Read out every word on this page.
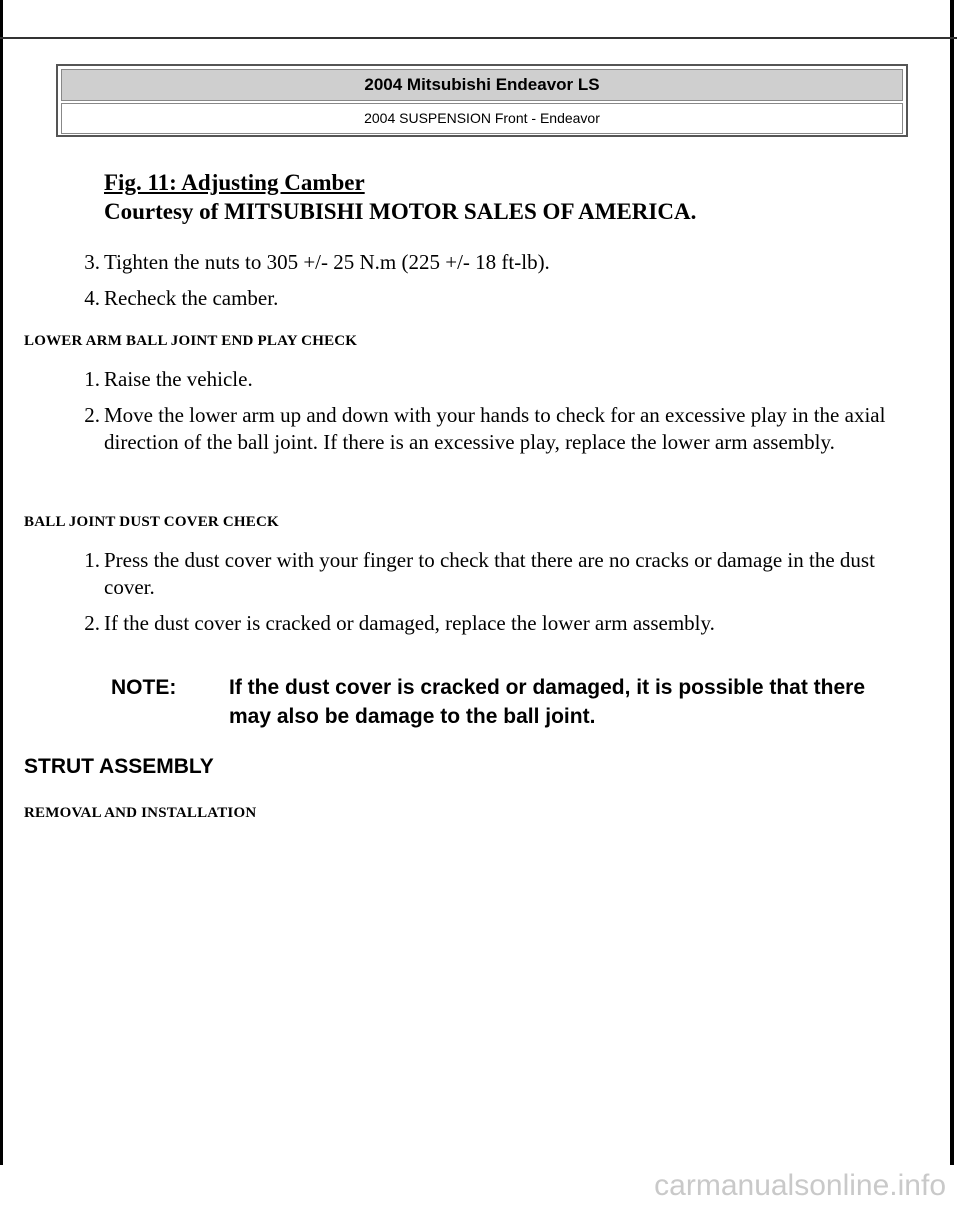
2004 Mitsubishi Endeavor LS
2004 SUSPENSION Front - Endeavor
Fig. 11: Adjusting Camber
Courtesy of MITSUBISHI MOTOR SALES OF AMERICA.
3. Tighten the nuts to 305 +/- 25 N.m (225 +/- 18 ft-lb).
4. Recheck the camber.
LOWER ARM BALL JOINT END PLAY CHECK
1. Raise the vehicle.
2. Move the lower arm up and down with your hands to check for an excessive play in the axial direction of the ball joint. If there is an excessive play, replace the lower arm assembly.
BALL JOINT DUST COVER CHECK
1. Press the dust cover with your finger to check that there are no cracks or damage in the dust cover.
2. If the dust cover is cracked or damaged, replace the lower arm assembly.
NOTE:	If the dust cover is cracked or damaged, it is possible that there may also be damage to the ball joint.
STRUT ASSEMBLY
REMOVAL AND INSTALLATION
carmanualsonline.info
